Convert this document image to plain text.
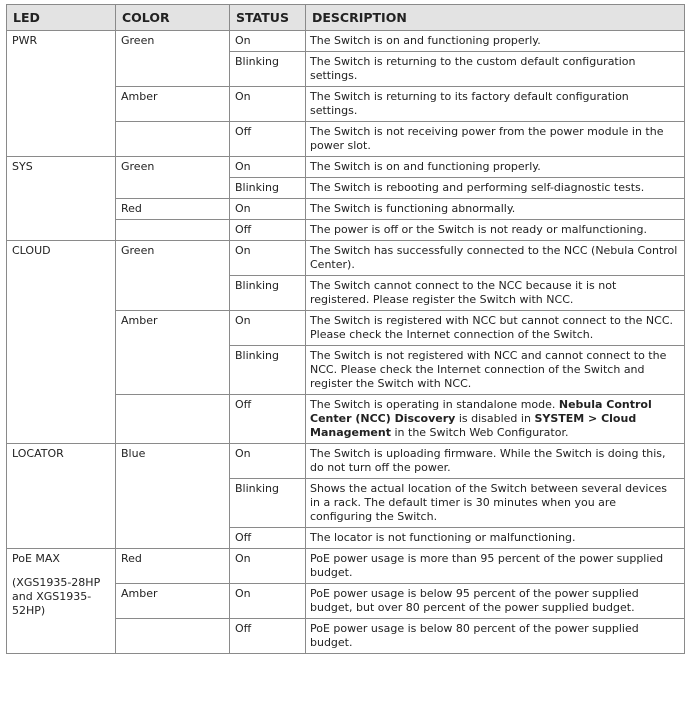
LED	COLOR	STATUS	DESCRIPTION
PWR	Green	On	The Switch is on and functioning properly.
		Blinking	The Switch is returning to the custom default configuration settings.
	Amber	On	The Switch is returning to its factory default configuration settings.
		Off	The Switch is not receiving power from the power module in the power slot.
SYS	Green	On	The Switch is on and functioning properly.
		Blinking	The Switch is rebooting and performing self-diagnostic tests.
	Red	On	The Switch is functioning abnormally.
		Off	The power is off or the Switch is not ready or malfunctioning.
CLOUD	Green	On	The Switch has successfully connected to the NCC (Nebula Control Center).
		Blinking	The Switch cannot connect to the NCC because it is not registered. Please register the Switch with NCC.
	Amber	On	The Switch is registered with NCC but cannot connect to the NCC. Please check the Internet connection of the Switch.
		Blinking	The Switch is not registered with NCC and cannot connect to the NCC. Please check the Internet connection of the Switch and register the Switch with NCC.
		Off	The Switch is operating in standalone mode. Nebula Control Center (NCC) Discovery is disabled in SYSTEM > Cloud Management in the Switch Web Configurator.
LOCATOR	Blue	On	The Switch is uploading firmware. While the Switch is doing this, do not turn off the power.
		Blinking	Shows the actual location of the Switch between several devices in a rack. The default timer is 30 minutes when you are configuring the Switch.
		Off	The locator is not functioning or malfunctioning.
PoE MAX
(XGS1935-28HP and XGS1935-52HP)	Red	On	PoE power usage is more than 95 percent of the power supplied budget.
	Amber	On	PoE power usage is below 95 percent of the power supplied budget, but over 80 percent of the power supplied budget.
		Off	PoE power usage is below 80 percent of the power supplied budget.
